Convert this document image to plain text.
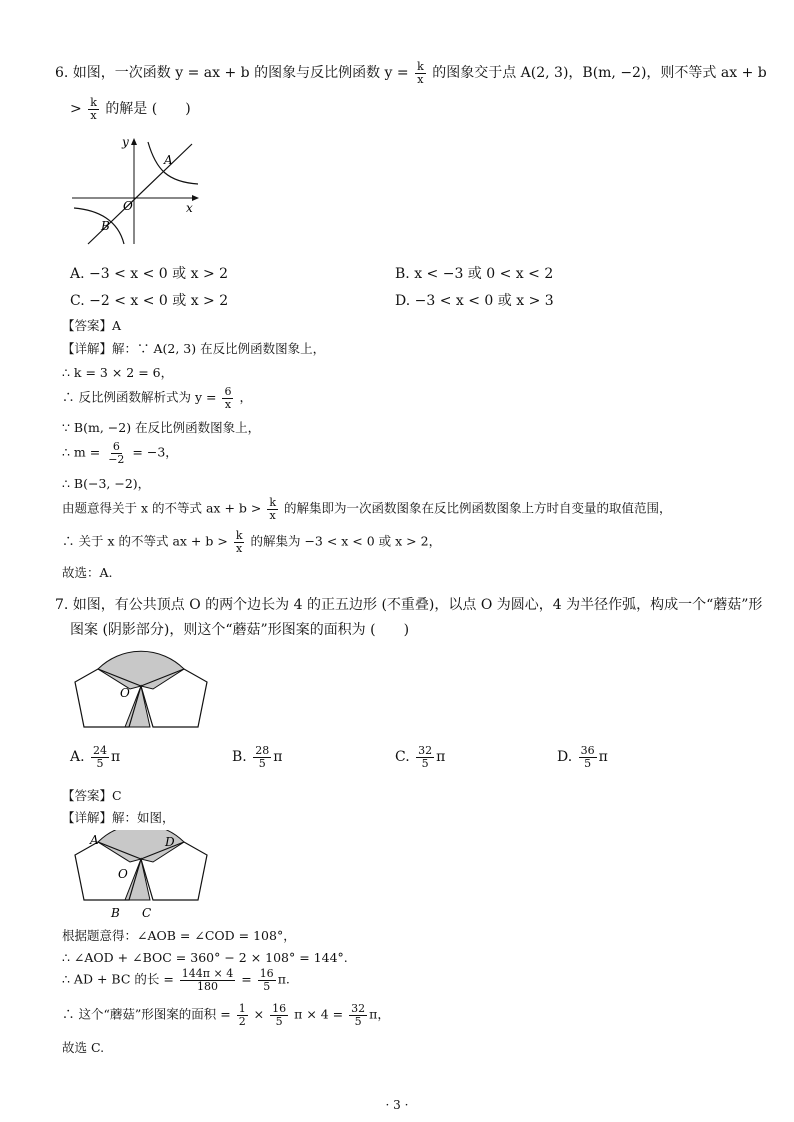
6. 如图，一次函数 y = ax + b 的图象与反比例函数 $y = \frac{k}{x}$ 的图象交于点 A(2, 3)，B(m, −2)，则不等式 ax + b
> $\frac{k}{x}$ 的解是 (　　)
y
x
O
A
B
A. −3 < x < 0 或 x > 2	B. x < −3 或 0 < x < 2
C. −2 < x < 0 或 x > 2	D. −3 < x < 0 或 x > 3
【答案】A
【详解】解：∵ A(2, 3) 在反比例函数图象上，
∴ k = 3 × 2 = 6，
∴ 反比例函数解析式为 $y = \frac{6}{x}$ ，
∵ B(m, −2) 在反比例函数图象上，
∴ $m = \frac{6}{-2} = -3$，
∴ B(−3, −2)，
由题意得关于 x 的不等式 ax + $b > \frac{k}{x}$ 的解集即为一次函数图象在反比例函数图象上方时自变量的取值范围，
∴ 关于 x 的不等式 ax + $b > \frac{k}{x}$ 的解集为 −3 < x < 0 或 x > 2，
故选：A.
7. 如图，有公共顶点 O 的两个边长为 4 的正五边形 (不重叠)，以点 O 为圆心，4 为半径作弧，构成一个“蘑菇”形
图案 (阴影部分)，则这个“蘑菇”形图案的面积为 (　　)
O
A. $\frac{24}{5}$ π	B. $\frac{28}{5}$ π	C. $\frac{32}{5}$ π	D. $\frac{36}{5}$ π
【答案】C
【详解】解：如图，
A	D
O
B C
根据题意得：∠AOB = ∠COD = 108°，
∴ ∠AOD + ∠BOC = 360° − 2 × 108° = 144°.
∴ AD + BC 的长 = $\frac{144\pi \times 4}{180} = \frac{16}{5} \pi$.
∴ 这个“蘑菇”形图案的面积 = $\frac{1}{2} \times \frac{16}{5}$ $\pi \times 4 = \frac{32}{5}$ π，
故选 C.
· 3 ·
